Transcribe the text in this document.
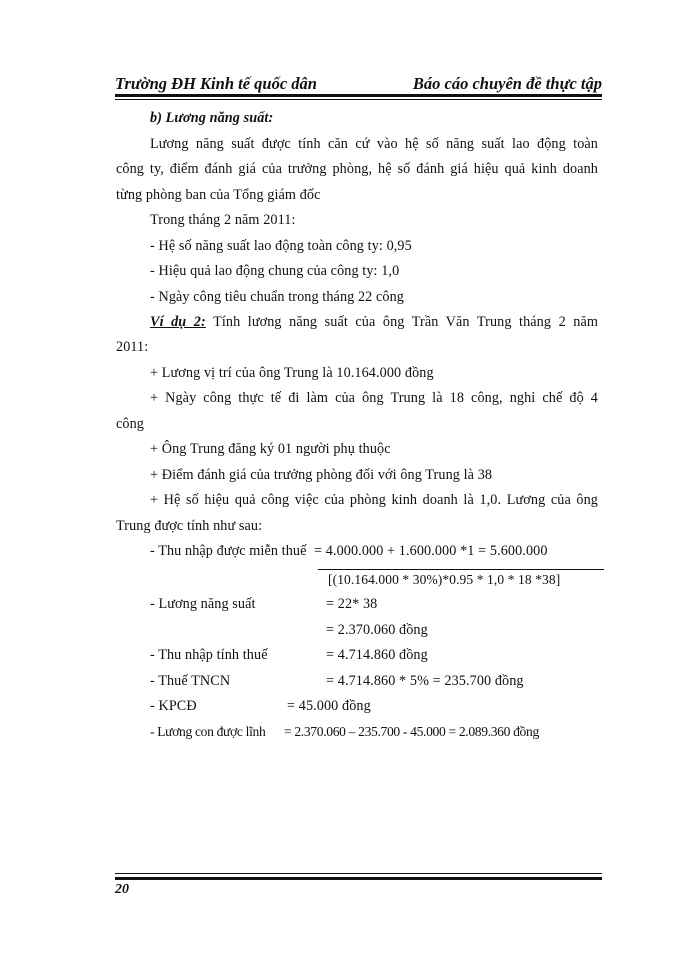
Trường ĐH Kinh tế quốc dân	Báo cáo chuyên đề thực tập
b) Lương năng suất:
Lương năng suất được tính căn cứ vào hệ số năng suất lao động toàn
công ty, điểm đánh giá của trưởng phòng, hệ số đánh giá hiệu quả kinh doanh
từng phòng ban của Tổng giám đốc
Trong tháng 2 năm 2011:
- Hệ số năng suất lao động toàn công ty: 0,95
- Hiệu quả lao động chung của công ty: 1,0
- Ngày công tiêu chuẩn trong tháng 22 công
Ví dụ 2: Tính lương năng suất của ông Trần Văn Trung tháng 2 năm
2011:
+ Lương vị trí của ông Trung là 10.164.000 đồng
+ Ngày công thực tế đi làm của ông Trung là 18 công, nghỉ chế độ 4
công
+ Ông Trung đăng ký 01 người phụ thuộc
+ Điểm đánh giá của trưởng phòng đối với ông Trung là 38
+ Hệ số hiệu quả công việc của phòng kinh doanh là 1,0. Lương của ông
Trung được tính như sau:
- Thu nhập được miễn thuế = 4.000.000 + 1.600.000 *1 = 5.600.000
[(10.164.000 * 30%)*0.95 * 1,0 * 18 *38]
- Lương năng suất	= 22* 38
= 2.370.060 đồng
- Thu nhập tính thuế	= 4.714.860 đồng
- Thuế TNCN	= 4.714.860 * 5% = 235.700 đồng
- KPCĐ	= 45.000 đồng
- Lương con được lĩnh = 2.370.060 – 235.700 - 45.000 = 2.089.360 đồng
20
